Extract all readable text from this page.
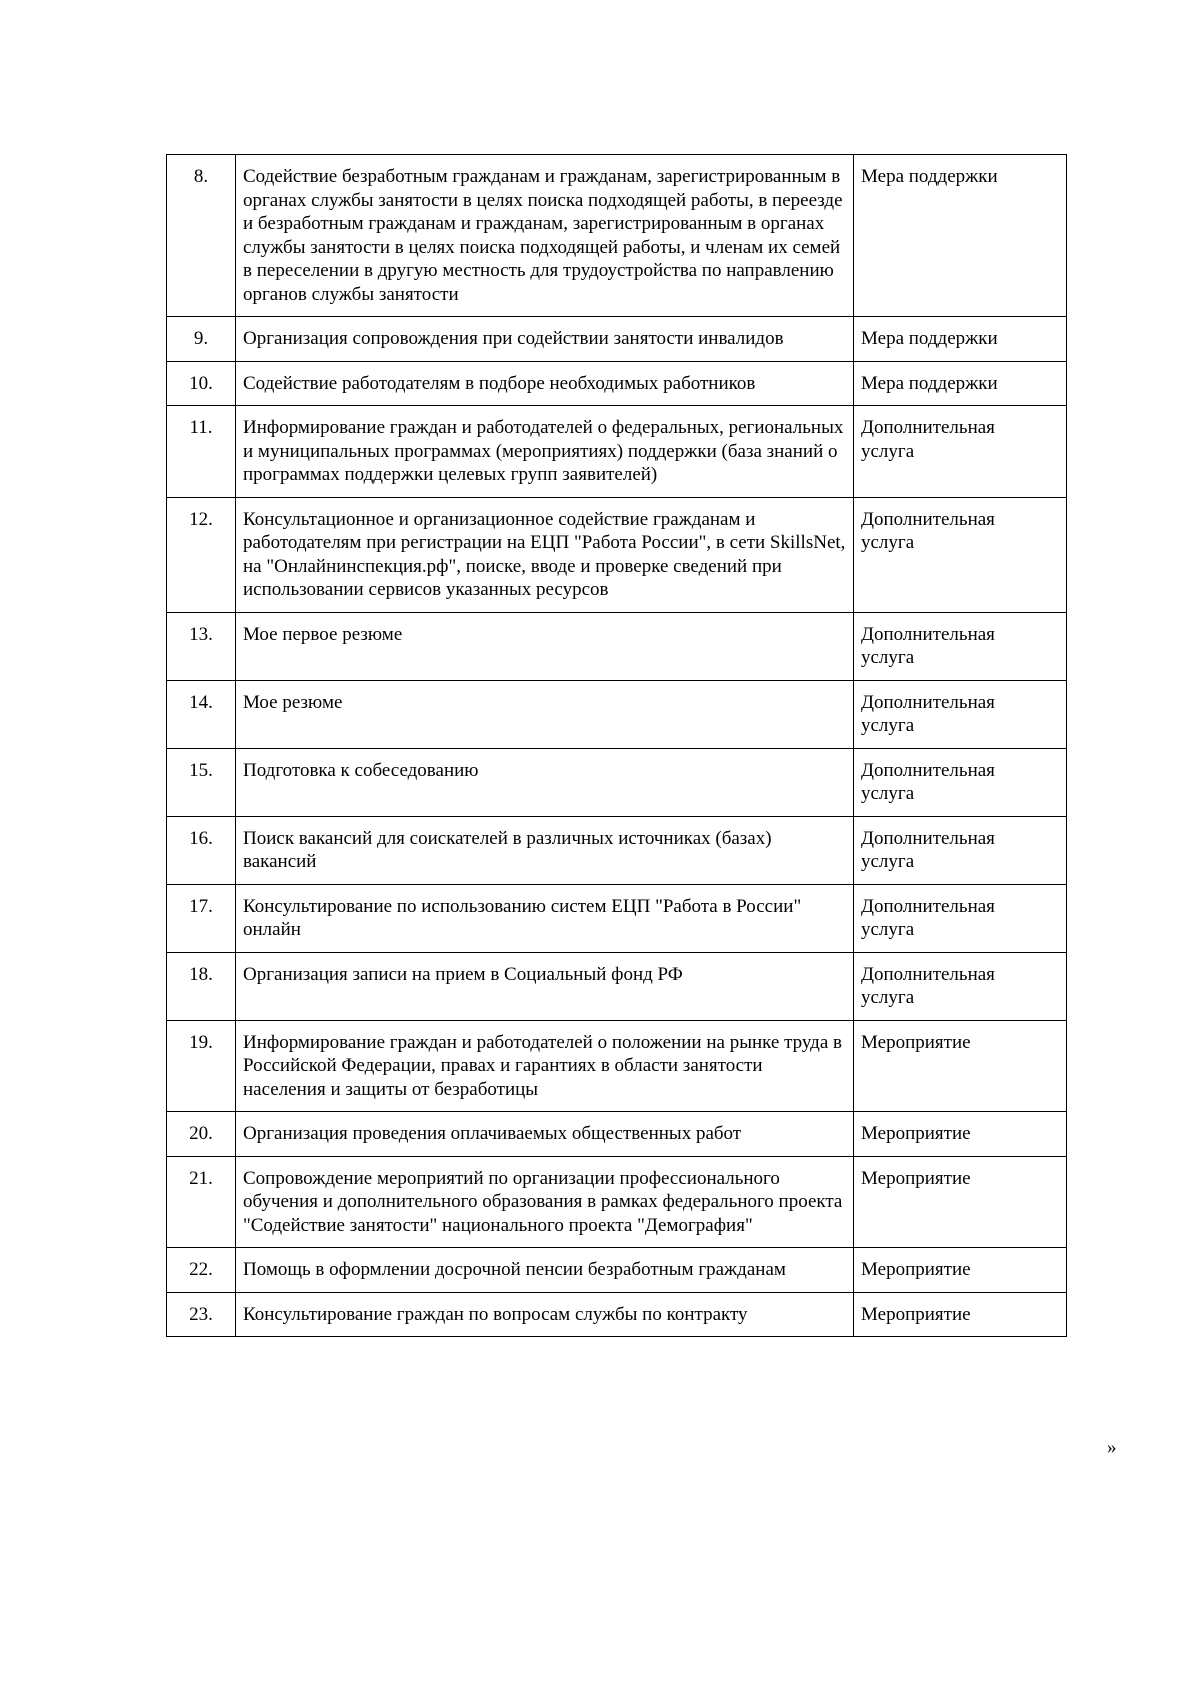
8.	Содействие безработным гражданам и гражданам, зарегистрированным в органах службы занятости в целях поиска подходящей работы, в переезде и безработным гражданам и гражданам, зарегистрированным в органах службы занятости в целях поиска подходящей работы, и членам их семей в переселении в другую местность для трудоустройства по направлению органов службы занятости	Мера поддержки
9.	Организация сопровождения при содействии занятости инвалидов	Мера поддержки
10.	Содействие работодателям в подборе необходимых работников	Мера поддержки
11.	Информирование граждан и работодателей о федеральных, региональных и муниципальных программах (мероприятиях) поддержки (база знаний о программах поддержки целевых групп заявителей)	Дополнительная
услуга
12.	Консультационное и организационное содействие гражданам и работодателям при регистрации на ЕЦП "Работа России", в сети SkillsNet, на "Онлайнинспекция.рф", поиске, вводе и проверке сведений при использовании сервисов указанных ресурсов	Дополнительная
услуга
13.	Мое первое резюме	Дополнительная
услуга
14.	Мое резюме	Дополнительная
услуга
15.	Подготовка к собеседованию	Дополнительная
услуга
16.	Поиск вакансий для соискателей в различных источниках (базах) вакансий	Дополнительная
услуга
17.	Консультирование по использованию систем ЕЦП "Работа в России" онлайн	Дополнительная
услуга
18.	Организация записи на прием в Социальный фонд РФ	Дополнительная
услуга
19.	Информирование граждан и работодателей о положении на рынке труда в Российской Федерации, правах и гарантиях в области занятости населения и защиты от безработицы	Мероприятие
20.	Организация проведения оплачиваемых общественных работ	Мероприятие
21.	Сопровождение мероприятий по организации профессионального обучения и дополнительного образования в рамках федерального проекта "Содействие занятости" национального проекта "Демография"	Мероприятие
22.	Помощь в оформлении досрочной пенсии безработным гражданам	Мероприятие
23.	Консультирование граждан по вопросам службы по контракту	Мероприятие
»
